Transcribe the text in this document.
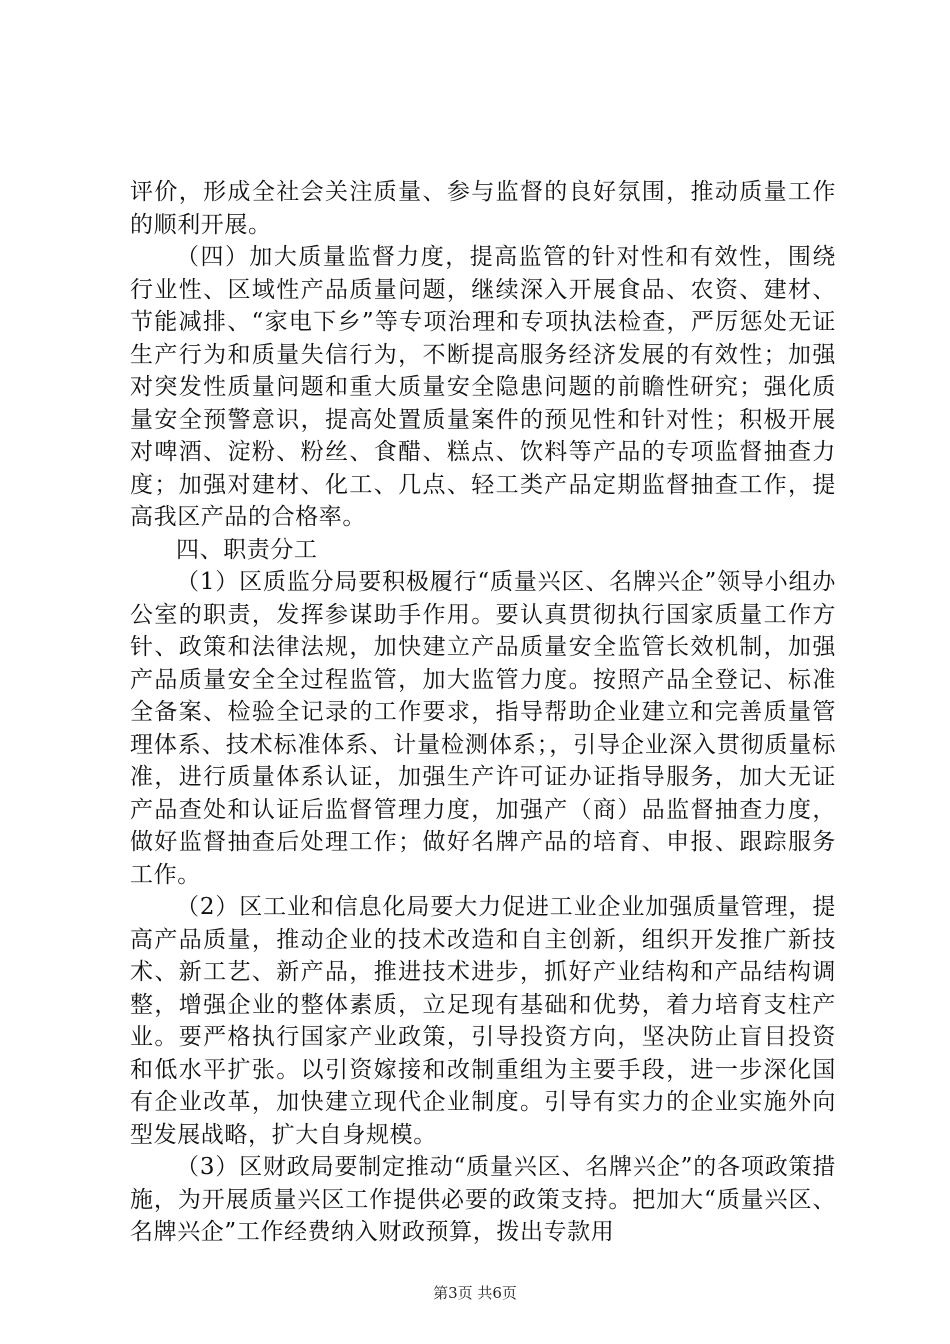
评价，形成全社会关注质量、参与监督的良好氛围，推动质量工作的顺利开展。

（四）加大质量监督力度，提高监管的针对性和有效性，围绕行业性、区域性产品质量问题，继续深入开展食品、农资、建材、节能减排、“家电下乡”等专项治理和专项执法检查，严厉惩处无证生产行为和质量失信行为，不断提高服务经济发展的有效性；加强对突发性质量问题和重大质量安全隐患问题的前瞻性研究；强化质量安全预警意识，提高处置质量案件的预见性和针对性；积极开展对啤酒、淀粉、粉丝、食醋、糕点、饮料等产品的专项监督抽查力度；加强对建材、化工、几点、轻工类产品定期监督抽查工作，提高我区产品的合格率。

四、职责分工

（1）区质监分局要积极履行“质量兴区、名牌兴企”领导小组办公室的职责，发挥参谋助手作用。要认真贯彻执行国家质量工作方针、政策和法律法规，加快建立产品质量安全监管长效机制，加强产品质量安全全过程监管，加大监管力度。按照产品全登记、标准全备案、检验全记录的工作要求，指导帮助企业建立和完善质量管理体系、技术标准体系、计量检测体系；，引导企业深入贯彻质量标准，进行质量体系认证，加强生产许可证办证指导服务，加大无证产品查处和认证后监督管理力度，加强产（商）品监督抽查力度，做好监督抽查后处理工作；做好名牌产品的培育、申报、跟踪服务工作。

（2）区工业和信息化局要大力促进工业企业加强质量管理，提高产品质量，推动企业的技术改造和自主创新，组织开发推广新技术、新工艺、新产品，推进技术进步，抓好产业结构和产品结构调整，增强企业的整体素质，立足现有基础和优势，着力培育支柱产业。要严格执行国家产业政策，引导投资方向，坚决防止盲目投资和低水平扩张。以引资嫁接和改制重组为主要手段，进一步深化国有企业改革，加快建立现代企业制度。引导有实力的企业实施外向型发展战略，扩大自身规模。

（3）区财政局要制定推动“质量兴区、名牌兴企”的各项政策措施，为开展质量兴区工作提供必要的政策支持。把加大“质量兴区、名牌兴企”工作经费纳入财政预算，拨出专款用

第3页 共6页
